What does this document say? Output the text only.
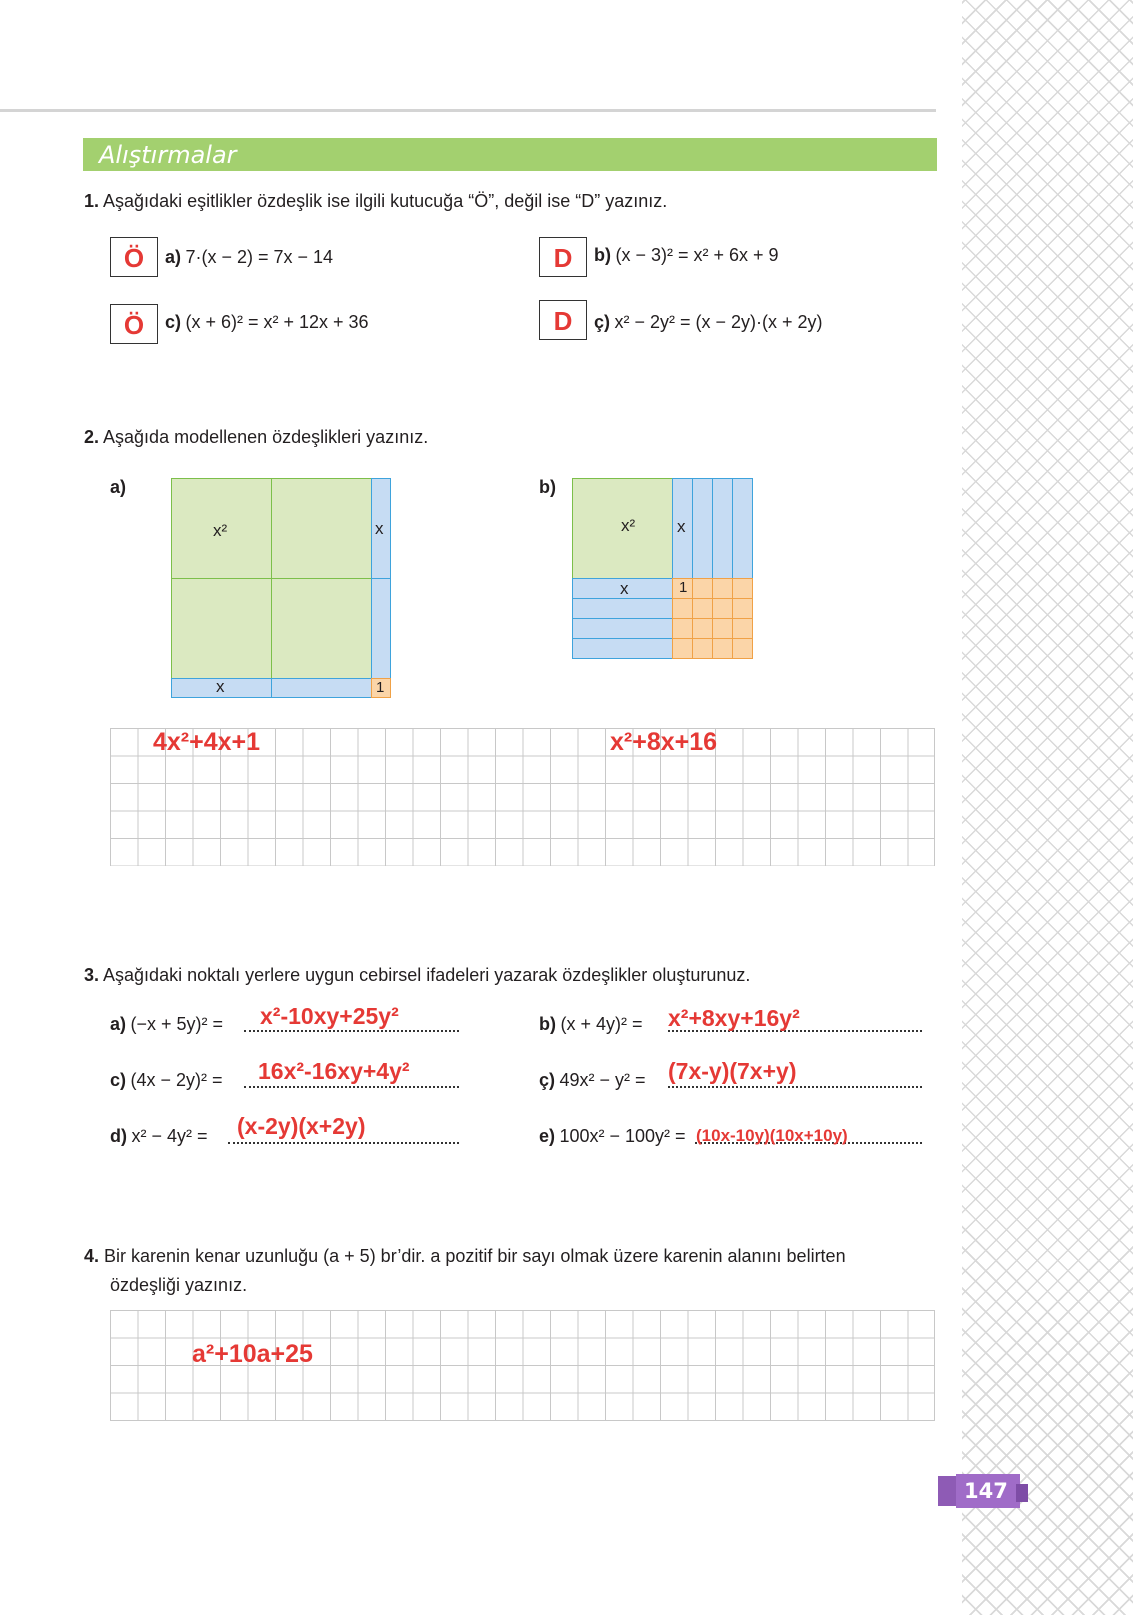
Alıştırmalar
1. Aşağıdaki eşitlikler özdeşlik ise ilgili kutucuğa “Ö”, değil ise “D” yazınız.
Ö	a) 7·(x − 2) = 7x − 14	D	b) (x − 3)² = x² + 6x + 9
Ö	c) (x + 6)² = x² + 12x + 36	D	ç) x² − 2y² = (x − 2y)·(x + 2y)
2. Aşağıda modellenen özdeşlikleri yazınız.
a)	b)
x²	x
x	1
x² x
x	1
4x²+4x+1	x²+8x+16
3. Aşağıdaki noktalı yerlere uygun cebirsel ifadeleri yazarak özdeşlikler oluşturunuz.
a) (−x + 5y)² = x²-10xy+25y²	b) (x + 4y)² = x²+8xy+16y²
c) (4x − 2y)² = 16x²-16xy+4y²	ç) 49x² − y² = (7x-y)(7x+y)
d) x² − 4y² = (x-2y)(x+2y)	e) 100x² − 100y² = (10x-10y)(10x+10y)
4. Bir karenin kenar uzunluğu (a + 5) br’dir. a pozitif bir sayı olmak üzere karenin alanını belirten
özdeşliği yazınız.
a²+10a+25
147
